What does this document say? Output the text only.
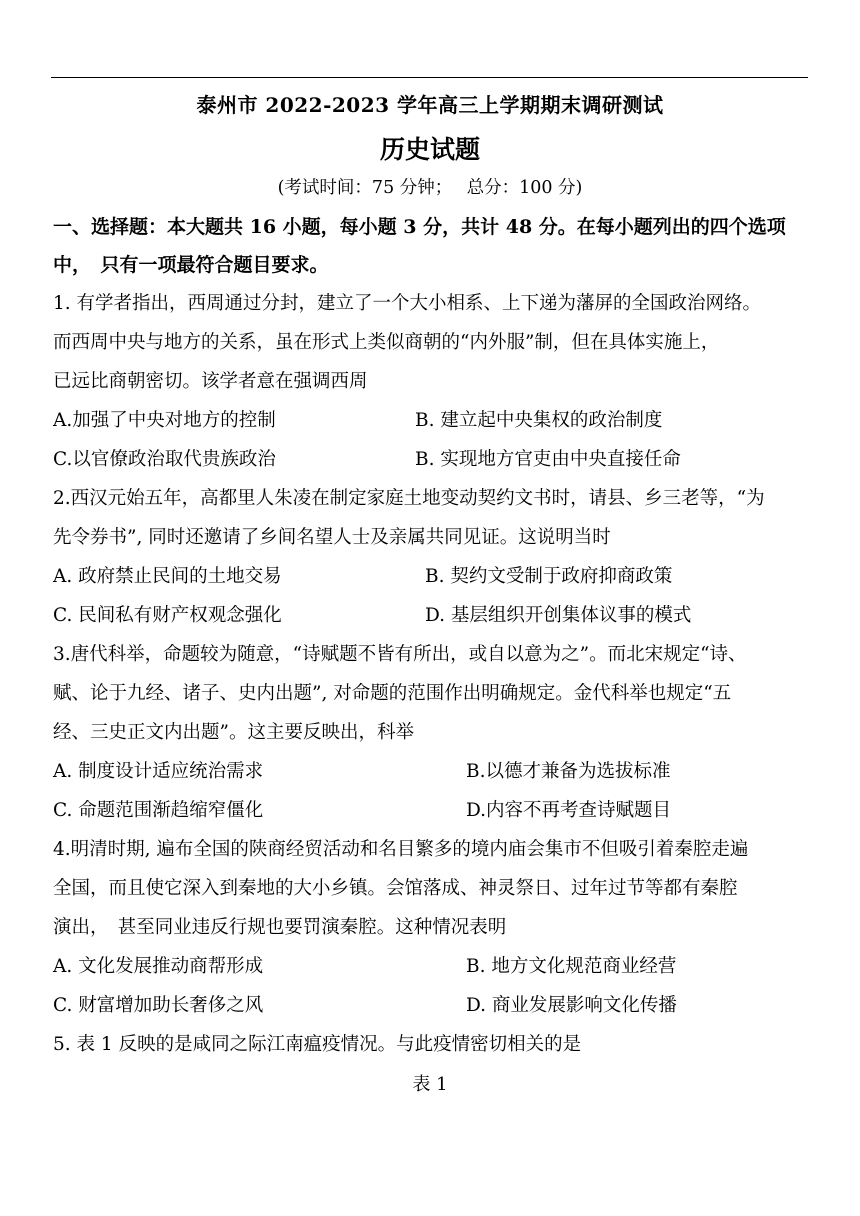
泰州市 2022-2023 学年高三上学期期末调研测试
历史试题
(考试时间：75 分钟；　 总分：100 分)
一、选择题：本大题共 16 小题，每小题 3 分，共计 48 分。在每小题列出的四个选项
中，　只有一项最符合题目要求。
1. 有学者指出，西周通过分封，建立了一个大小相系、上下递为藩屏的全国政治网络。
而西周中央与地方的关系，虽在形式上类似商朝的“内外服”制，但在具体实施上，
已远比商朝密切。该学者意在强调西周
A.加强了中央对地方的控制	B. 建立起中央集权的政治制度
C.以官僚政治取代贵族政治	B. 实现地方官吏由中央直接任命
2.西汉元始五年，高都里人朱凌在制定家庭土地变动契约文书时，请县、乡三老等，“为
先令券书”, 同时还邀请了乡间名望人士及亲属共同见证。这说明当时
A. 政府禁止民间的土地交易	B. 契约文受制于政府抑商政策
C. 民间私有财产权观念强化	D. 基层组织开创集体议事的模式
3.唐代科举，命题较为随意，“诗赋题不皆有所出，或自以意为之”。而北宋规定“诗、
赋、论于九经、诸子、史内出题”, 对命题的范围作出明确规定。金代科举也规定“五
经、三史正文内出题”。这主要反映出，科举
A. 制度设计适应统治需求	B.以德才兼备为选拔标准
C. 命题范围渐趋缩窄僵化	D.内容不再考查诗赋题目
4.明清时期, 遍布全国的陕商经贸活动和名目繁多的境内庙会集市不但吸引着秦腔走遍
全国，而且使它深入到秦地的大小乡镇。会馆落成、神灵祭日、过年过节等都有秦腔
演出，　甚至同业违反行规也要罚演秦腔。这种情况表明
A. 文化发展推动商帮形成	B. 地方文化规范商业经营
C. 财富增加助长奢侈之风	D. 商业发展影响文化传播
5. 表 1 反映的是咸同之际江南瘟疫情况。与此疫情密切相关的是
表 1
